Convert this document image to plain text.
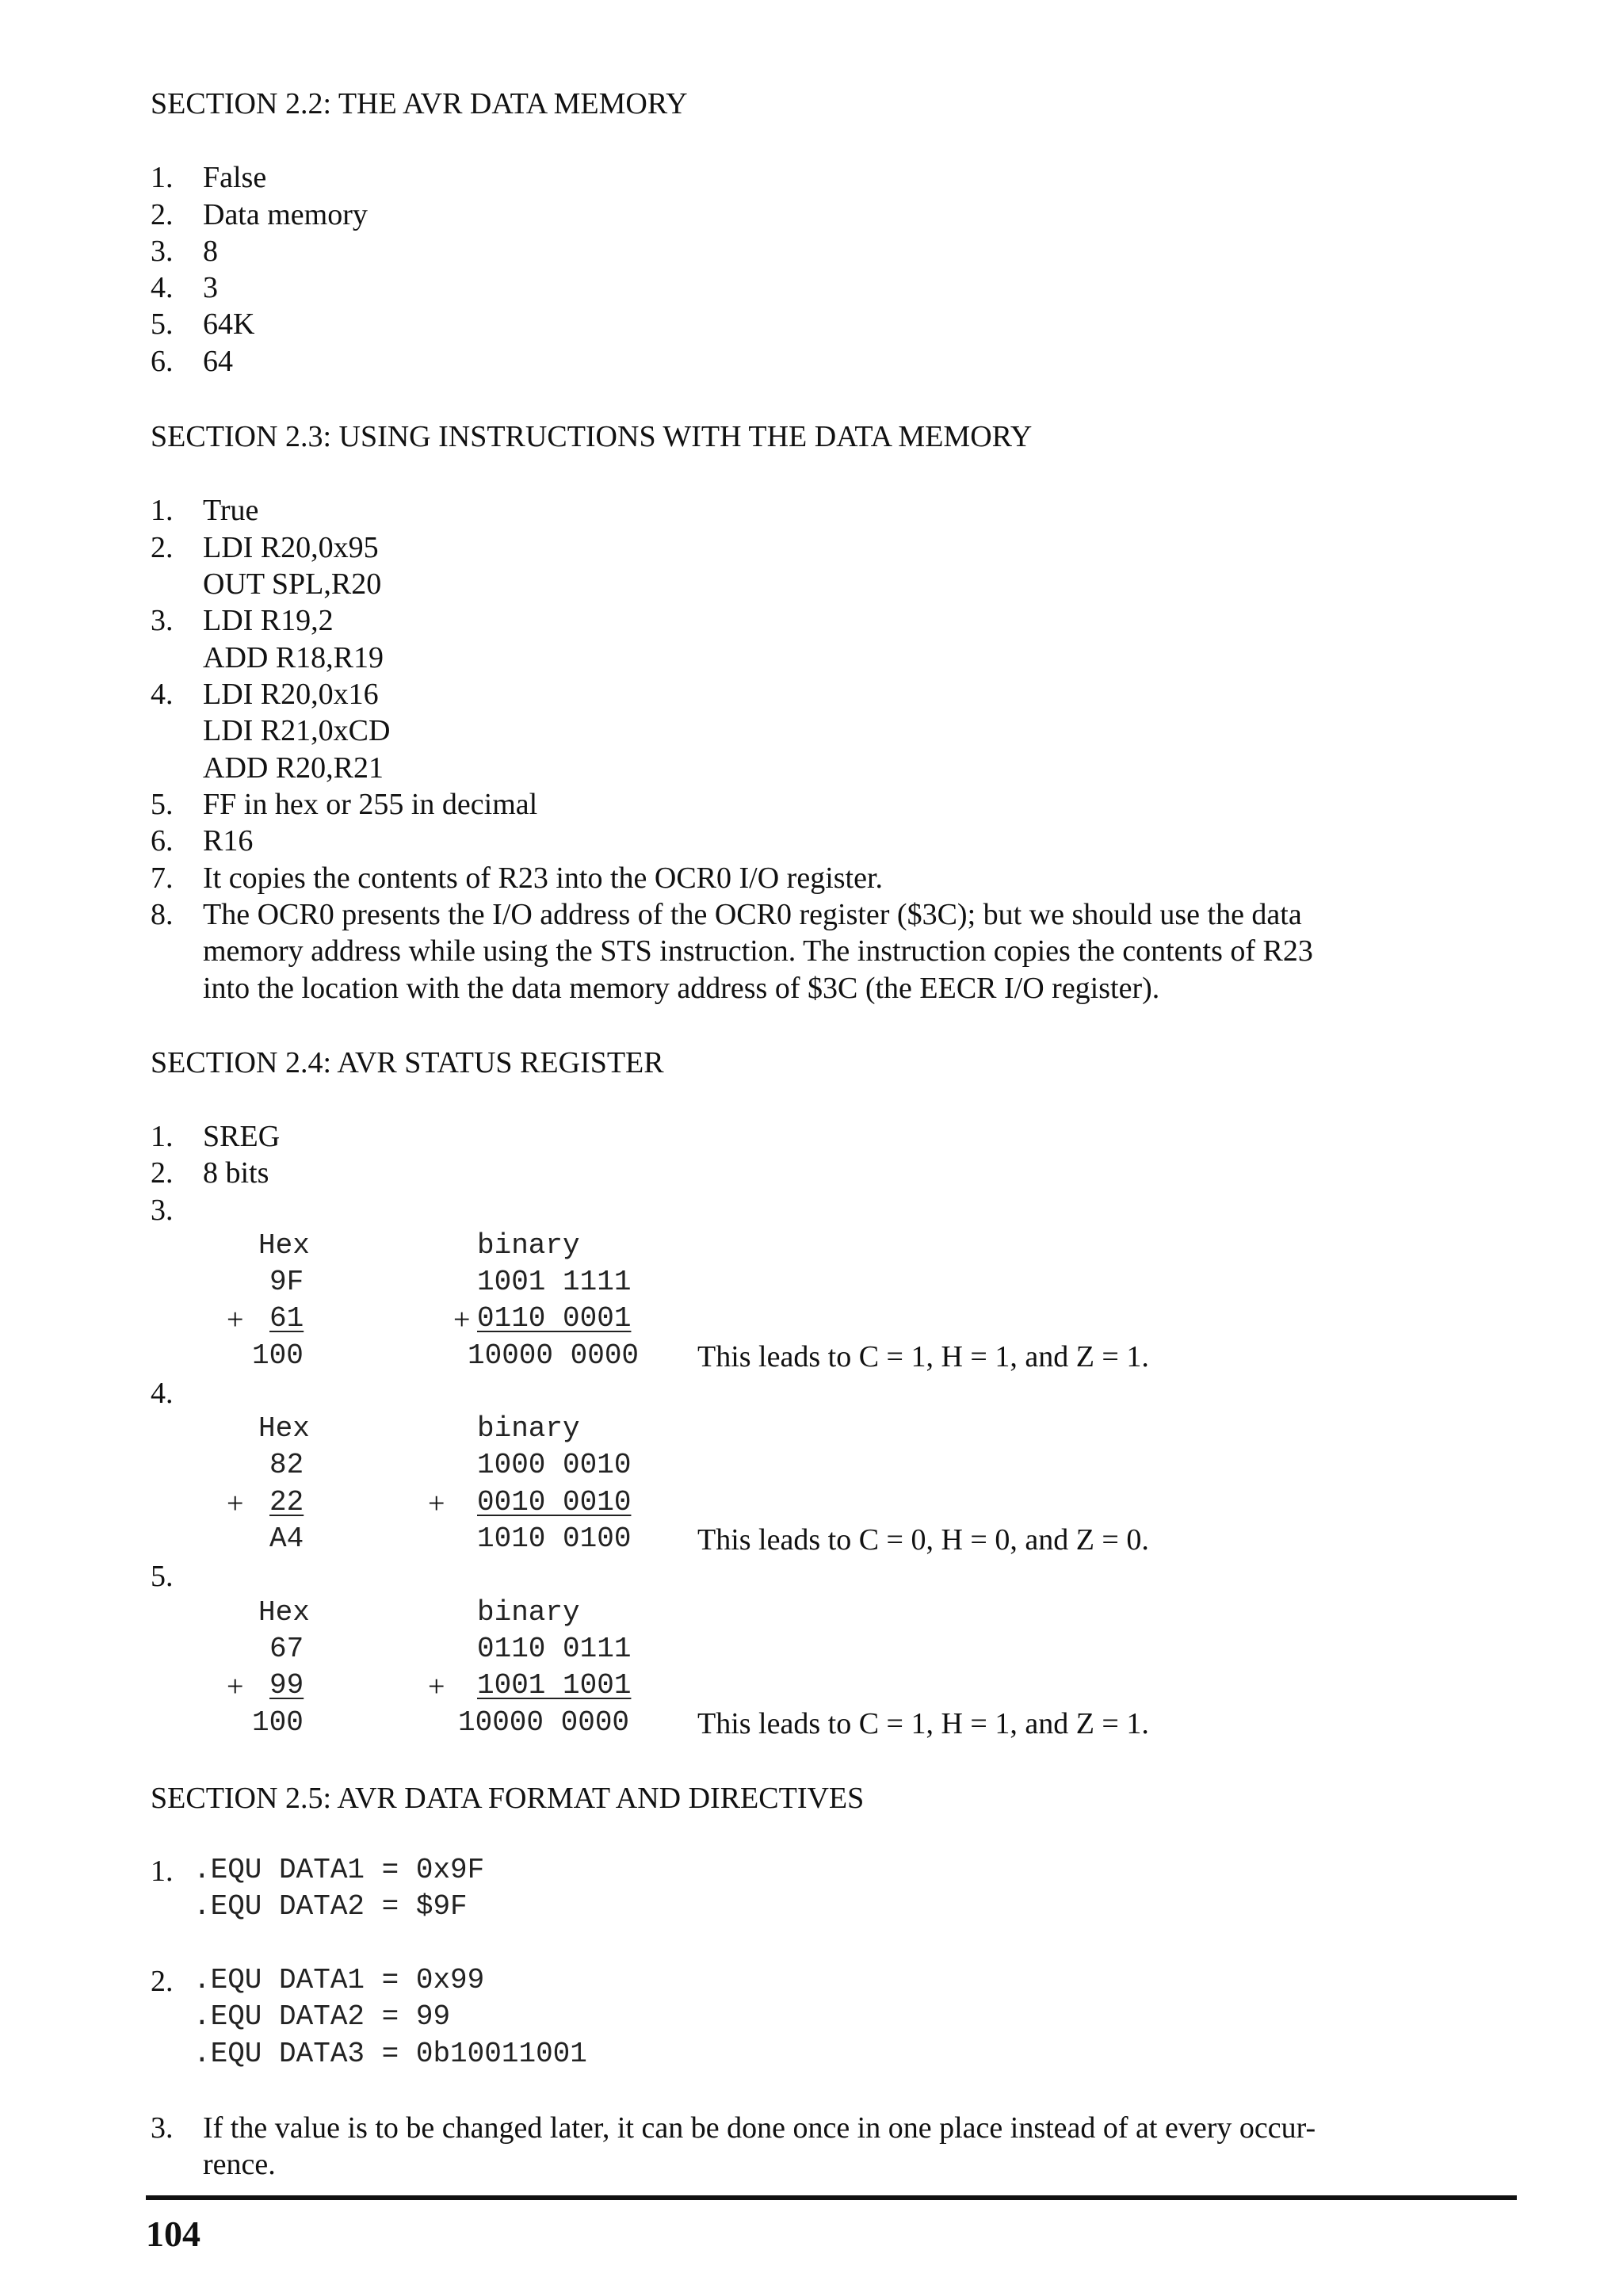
SECTION 2.2: THE AVR DATA MEMORY
1. False
2. Data memory
3. 8
4. 3
5. 64K
6. 64
SECTION 2.3: USING INSTRUCTIONS WITH THE DATA MEMORY
1. True
2. LDI R20,0x95
OUT SPL,R20
3. LDI R19,2
ADD R18,R19
4. LDI R20,0x16
LDI R21,0xCD
ADD R20,R21
5. FF in hex or 255 in decimal
6. R16
7. It copies the contents of R23 into the OCR0 I/O register.
8. The OCR0 presents the I/O address of the OCR0 register ($3C); but we should use the data
memory address while using the STS instruction. The instruction copies the contents of R23
into the location with the data memory address of $3C (the EECR I/O register).
SECTION 2.4: AVR STATUS REGISTER
1. SREG
2. 8 bits
3.
Hex	binary
9F	1001 1111
+ 61	+ 0110 0001
100	10000 0000 This leads to C = 1, H = 1, and Z = 1.
4.
Hex	binary
82	1000 0010
+ 22	+ 0010 0010
A4	1010 0100 This leads to C = 0, H = 0, and Z = 0.
5.
Hex	binary
67	0110 0111
+ 99	+ 1001 1001
100	10000 0000 This leads to C = 1, H = 1, and Z = 1.
SECTION 2.5: AVR DATA FORMAT AND DIRECTIVES
1. .EQU DATA1 = 0x9F
.EQU DATA2 = $9F
2. .EQU DATA1 = 0x99
.EQU DATA2 = 99
.EQU DATA3 = 0b10011001
3. If the value is to be changed later, it can be done once in one place instead of at every occur-
rence.
104
